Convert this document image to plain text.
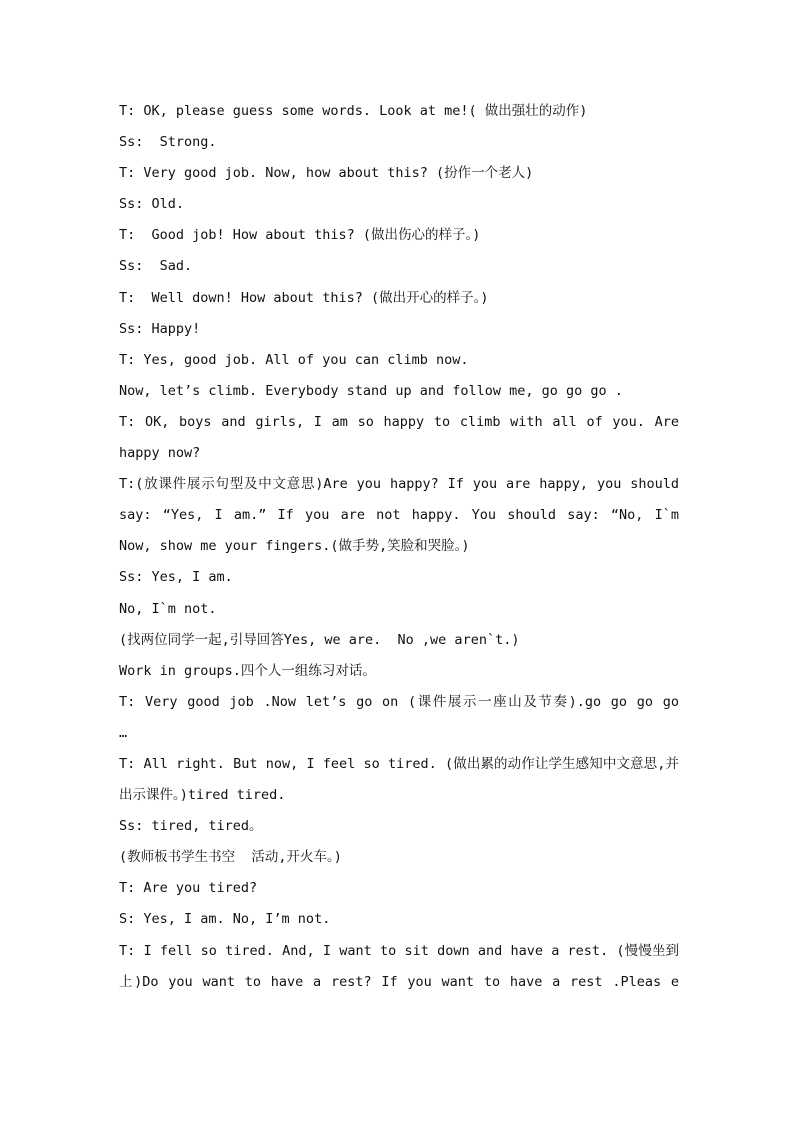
T: OK, please guess some words. Look at me!( 做出强壮的动作)
Ss:  Strong.
T: Very good job. Now, how about this? (扮作一个老人)
Ss: Old.
T:  Good job! How about this? (做出伤心的样子。)
Ss:  Sad.
T:  Well down! How about this? (做出开心的样子。)
Ss: Happy!
T: Yes, good job. All of you can climb now.
Now, let’s climb. Everybody stand up and follow me, go go go .
T: OK, boys and girls, I am so happy to climb with all of you. Are
happy now?
T:(放课件展示句型及中文意思)Are you happy? If you are happy, you should
say: “Yes, I am.” If you are not happy. You should say: “No, I`m
Now, show me your fingers.(做手势,笑脸和哭脸。)
Ss: Yes, I am.
No, I`m not.
(找两位同学一起,引导回答Yes, we are.  No ,we aren`t.)
Work in groups.四个人一组练习对话。
T: Very good job .Now let’s go on (课件展示一座山及节奏).go go go go
…
T: All right. But now, I feel so tired. (做出累的动作让学生感知中文意思,并
出示课件。)tired tired.
Ss: tired, tired。
(教师板书学生书空  活动,开火车。)
T: Are you tired?
S: Yes, I am. No, I’m not.
T: I fell so tired. And, I want to sit down and have a rest. (慢慢坐到
上)Do you want to have a rest? If you want to have a rest .Pleas e
